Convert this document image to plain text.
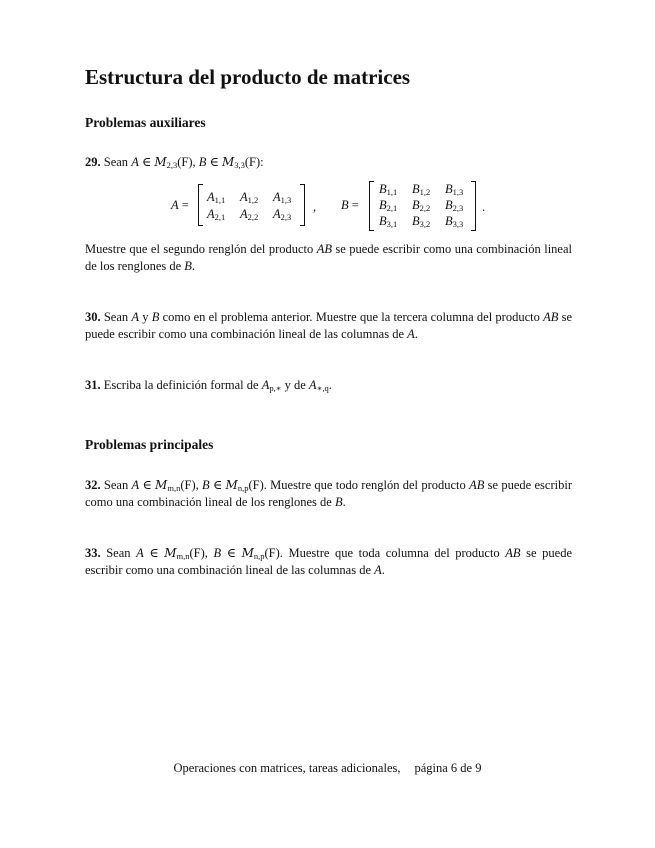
Estructura del producto de matrices
Problemas auxiliares
29. Sean A ∈ $M_{2,3}(F)$, B ∈ $M_{3,3}(F)$:
A =
$A_{1,1}$ $A_{1,2}$ $A_{1,3}$
$A_{2,1}$ $A_{2,2}$ $A_{2,3}$
, B =
$B_{1,1}$ $B_{1,2}$ $B_{1,3}$
$B_{2,1}$ $B_{2,2}$ $B_{2,3}$
$B_{3,1}$ $B_{3,2}$ $B_{3,3}$
.
Muestre que el segundo renglón del producto AB se puede escribir como una combinación lineal de los renglones de B.
30. Sean A y B como en el problema anterior. Muestre que la tercera columna del producto AB se puede escribir como una combinación lineal de las columnas de A.
31. Escriba la definición formal de $A_{p,∗}$ y de $A_{∗,q}$.
Problemas principales
32. Sean A ∈ $M_{m,n}(F)$, B ∈ $M_{n,p}(F)$. Muestre que todo renglón del producto AB se puede escribir como una combinación lineal de los renglones de B.
33. Sean A ∈ $M_{m,n}(F)$, B ∈ $M_{n,p}(F)$. Muestre que toda columna del producto AB se puede escribir como una combinación lineal de las columnas de A.
Operaciones con matrices, tareas adicionales, página 6 de 9
